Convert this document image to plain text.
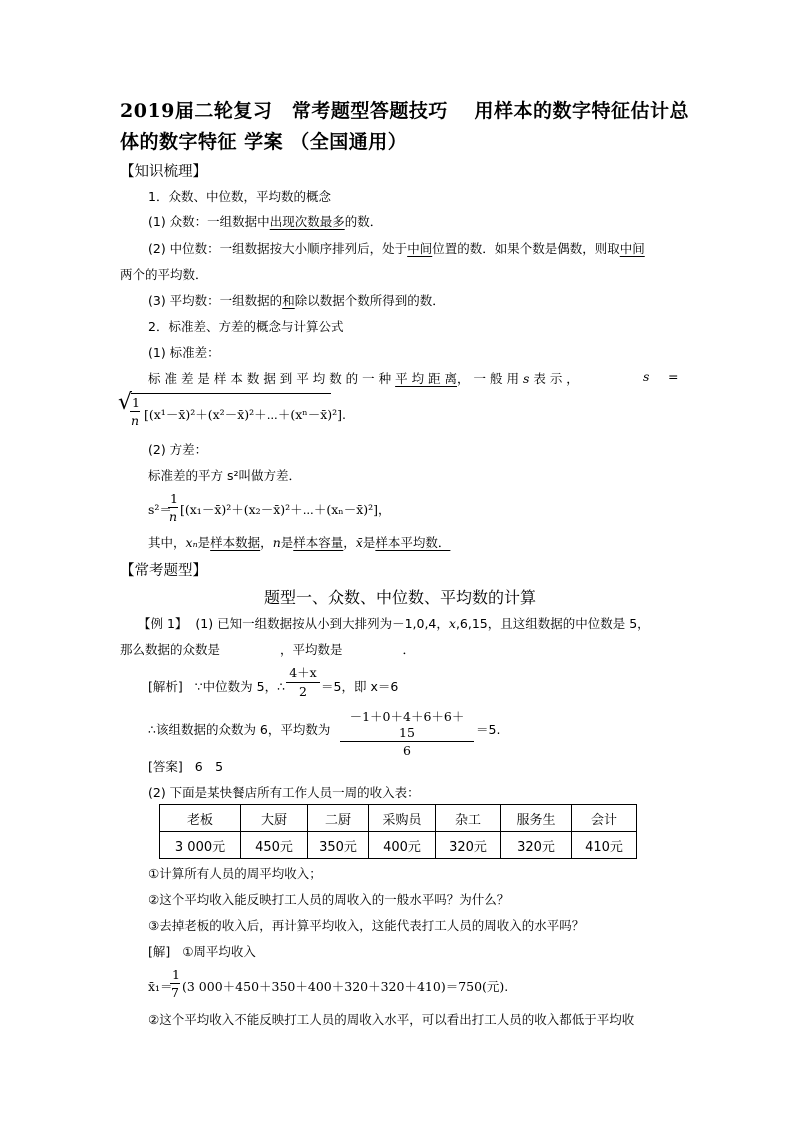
2019届二轮复习　常考题型答题技巧　 用样本的数字特征估计总
体的数字特征 学案 （全国通用）
【知识梳理】
1．众数、中位数，平均数的概念
(1) 众数：一组数据中出现次数最多的数．
(2) 中位数：一组数据按大小顺序排列后，处于中间位置的数．如果个数是偶数，则取中间
两个的平均数．
(3) 平均数：一组数据的和除以数据个数所得到的数．
2．标准差、方差的概念与计算公式
(1) 标准差：
标 准 差 是 样 本 数 据 到 平 均 数 的 一 种 平 均 距 离， 一 般 用 s 表 示 ，	s =
√
$\frac{1}{n}$ [(x¹－x̄)²＋(x²－x̄)²＋⋯＋(xⁿ－x̄)²].
(2) 方差：
标准差的平方 s²叫做方差．
s²＝
$\frac{1}{n}$ [(x₁－x̄)²＋(x₂－x̄)²＋⋯＋(xₙ－x̄)²]，
其中，xₙ是样本数据，n是样本容量，x̄是样本平均数．
【常考题型】
题型一、众数、中位数、平均数的计算
【例 1】 (1) 已知一组数据按从小到大排列为－1,0,4，x,6,15，且这组数据的中位数是 5，
那么数据的众数是	，平均数是	．
[解析] ∵中位数为 5，∴	＝5，即 x＝6
$\frac{4+x}{2}$
∴该组数据的众数为 6，平均数为 $\frac{-1+0+4+6+6+15}{6} =5$.
[答案] 6　5
(2) 下面是某快餐店所有工作人员一周的收入表：
老板	大厨	二厨	采购员	杂工	服务生	会计
3 000元	450元	350元	400元	320元	320元	410元
①计算所有人员的周平均收入；
②这个平均收入能反映打工人员的周收入的一般水平吗？为什么？
③去掉老板的收入后，再计算平均收入，这能代表打工人员的周收入的水平吗？
[解] ①周平均收入
x̄₁＝
$\frac{1}{7} (3$ 000＋450＋350＋400＋320＋320＋410)＝750(元).
②这个平均收入不能反映打工人员的周收入水平，可以看出打工人员的收入都低于平均收
